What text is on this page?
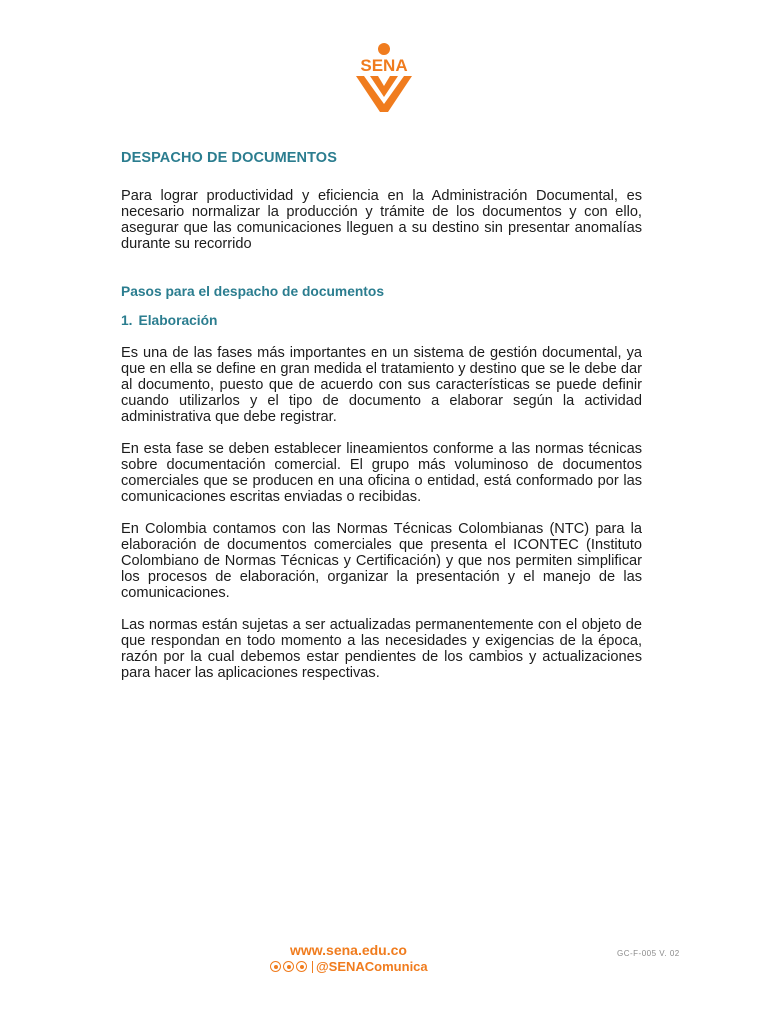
SENA
DESPACHO DE DOCUMENTOS

Para lograr productividad y eficiencia en la Administración Documental, es necesario normalizar la producción y trámite de los documentos y con ello, asegurar que las comunicaciones lleguen a su destino sin presentar anomalías durante su recorrido

Pasos para el despacho de documentos
1. Elaboración

Es una de las fases más importantes en un sistema de gestión documental, ya que en ella se define en gran medida el tratamiento y destino que se le debe dar al documento, puesto que de acuerdo con sus características se puede definir cuando utilizarlos y el tipo de documento a elaborar según la actividad administrativa que debe registrar.

En esta fase se deben establecer lineamientos conforme a las normas técnicas sobre documentación comercial. El grupo más voluminoso de documentos comerciales que se producen en una oficina o entidad, está conformado por las comunicaciones escritas enviadas o recibidas.

En Colombia contamos con las Normas Técnicas Colombianas (NTC) para la elaboración de documentos comerciales que presenta el ICONTEC (Instituto Colombiano de Normas Técnicas y Certificación) y que nos permiten simplificar los procesos de elaboración, organizar la presentación y el manejo de las comunicaciones.

Las normas están sujetas a ser actualizadas permanentemente con el objeto de que respondan en todo momento a las necesidades y exigencias de la época, razón por la cual debemos estar pendientes de los cambios y actualizaciones para hacer las aplicaciones respectivas.

www.sena.edu.co
@SENAComunica
GC-F-005 V. 02
